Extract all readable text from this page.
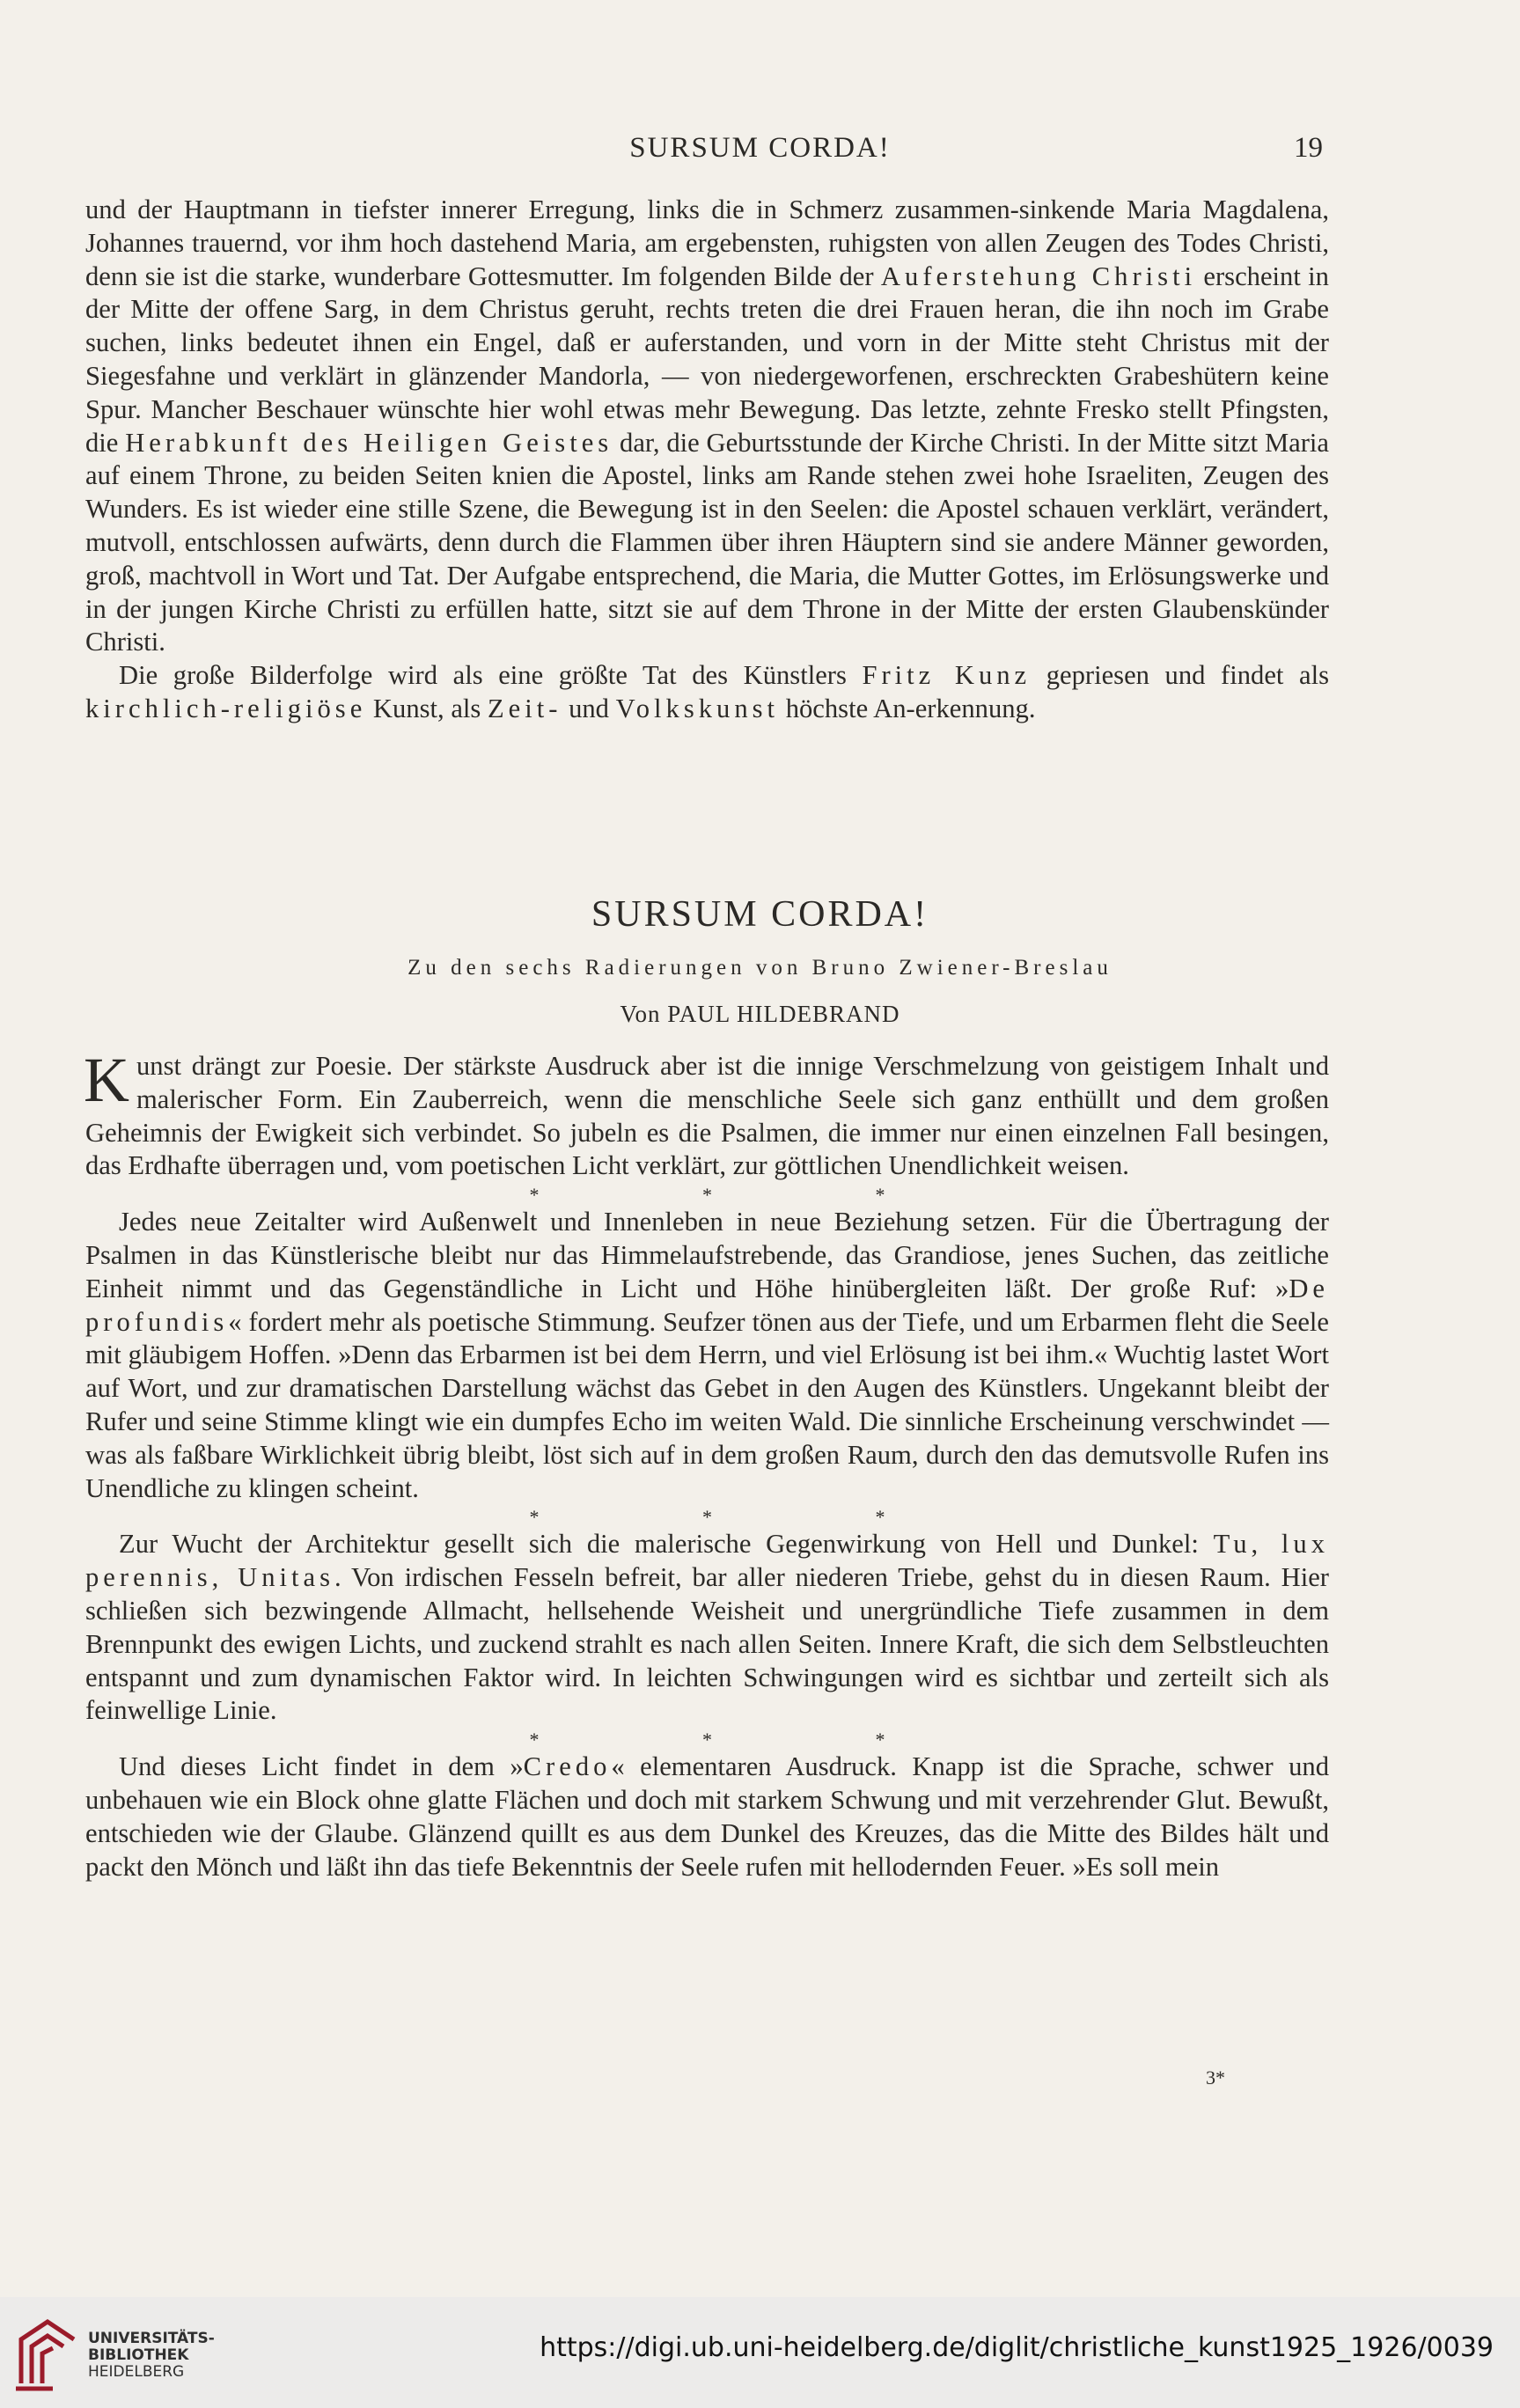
SURSUM CORDA!	19

und der Hauptmann in tiefster innerer Erregung, links die in Schmerz zusammen-sinkende Maria Magdalena, Johannes trauernd, vor ihm hoch dastehend Maria, am ergebensten, ruhigsten von allen Zeugen des Todes Christi, denn sie ist die starke, wunderbare Gottesmutter. Im folgenden Bilde der Auferstehung Christi erscheint in der Mitte der offene Sarg, in dem Christus geruht, rechts treten die drei Frauen heran, die ihn noch im Grabe suchen, links bedeutet ihnen ein Engel, daß er auferstanden, und vorn in der Mitte steht Christus mit der Siegesfahne und verklärt in glänzender Mandorla, — von niedergeworfenen, erschreckten Grabeshütern keine Spur. Mancher Beschauer wünschte hier wohl etwas mehr Bewegung. Das letzte, zehnte Fresko stellt Pfingsten, die Herabkunft des Heiligen Geistes dar, die Geburtsstunde der Kirche Christi. In der Mitte sitzt Maria auf einem Throne, zu beiden Seiten knien die Apostel, links am Rande stehen zwei hohe Israeliten, Zeugen des Wunders. Es ist wieder eine stille Szene, die Bewegung ist in den Seelen: die Apostel schauen verklärt, verändert, mutvoll, entschlossen aufwärts, denn durch die Flammen über ihren Häuptern sind sie andere Männer geworden, groß, machtvoll in Wort und Tat. Der Aufgabe entsprechend, die Maria, die Mutter Gottes, im Erlösungswerke und in der jungen Kirche Christi zu erfüllen hatte, sitzt sie auf dem Throne in der Mitte der ersten Glaubenskünder Christi.

Die große Bilderfolge wird als eine größte Tat des Künstlers Fritz Kunz gepriesen und findet als kirchlich-religiöse Kunst, als Zeit- und Volkskunst höchste An-erkennung.

SURSUM CORDA!
Zu den sechs Radierungen von Bruno Zwiener-Breslau
Von PAUL HILDEBRAND

Kunst drängt zur Poesie. Der stärkste Ausdruck aber ist die innige Verschmelzung von geistigem Inhalt und malerischer Form. Ein Zauberreich, wenn die menschliche Seele sich ganz enthüllt und dem großen Geheimnis der Ewigkeit sich verbindet. So jubeln es die Psalmen, die immer nur einen einzelnen Fall besingen, das Erdhafte überragen und, vom poetischen Licht verklärt, zur göttlichen Unendlichkeit weisen.

* * *

Jedes neue Zeitalter wird Außenwelt und Innenleben in neue Beziehung setzen. Für die Übertragung der Psalmen in das Künstlerische bleibt nur das Himmelaufstrebende, das Grandiose, jenes Suchen, das zeitliche Einheit nimmt und das Gegenständliche in Licht und Höhe hinübergleiten läßt. Der große Ruf: »De profundis« fordert mehr als poetische Stimmung. Seufzer tönen aus der Tiefe, und um Erbarmen fleht die Seele mit gläubigem Hoffen. »Denn das Erbarmen ist bei dem Herrn, und viel Erlösung ist bei ihm.« Wuchtig lastet Wort auf Wort, und zur dramatischen Darstellung wächst das Gebet in den Augen des Künstlers. Ungekannt bleibt der Rufer und seine Stimme klingt wie ein dumpfes Echo im weiten Wald. Die sinnliche Erscheinung verschwindet — was als faßbare Wirklichkeit übrig bleibt, löst sich auf in dem großen Raum, durch den das demutsvolle Rufen ins Unendliche zu klingen scheint.

* * *

Zur Wucht der Architektur gesellt sich die malerische Gegenwirkung von Hell und Dunkel: Tu, lux perennis, Unitas. Von irdischen Fesseln befreit, bar aller niederen Triebe, gehst du in diesen Raum. Hier schließen sich bezwingende Allmacht, hellsehende Weisheit und unergründliche Tiefe zusammen in dem Brennpunkt des ewigen Lichts, und zuckend strahlt es nach allen Seiten. Innere Kraft, die sich dem Selbstleuchten entspannt und zum dynamischen Faktor wird. In leichten Schwingungen wird es sichtbar und zerteilt sich als feinwellige Linie.

* * *

Und dieses Licht findet in dem »Credo« elementaren Ausdruck. Knapp ist die Sprache, schwer und unbehauen wie ein Block ohne glatte Flächen und doch mit starkem Schwung und mit verzehrender Glut. Bewußt, entschieden wie der Glaube. Glänzend quillt es aus dem Dunkel des Kreuzes, das die Mitte des Bildes hält und packt den Mönch und läßt ihn das tiefe Bekenntnis der Seele rufen mit hellodernden Feuer. »Es soll mein

3*
UNIVERSITÄTS-
BIBLIOTHEK
HEIDELBERG
https://digi.ub.uni-heidelberg.de/diglit/christliche_kunst1925_1926/0039
